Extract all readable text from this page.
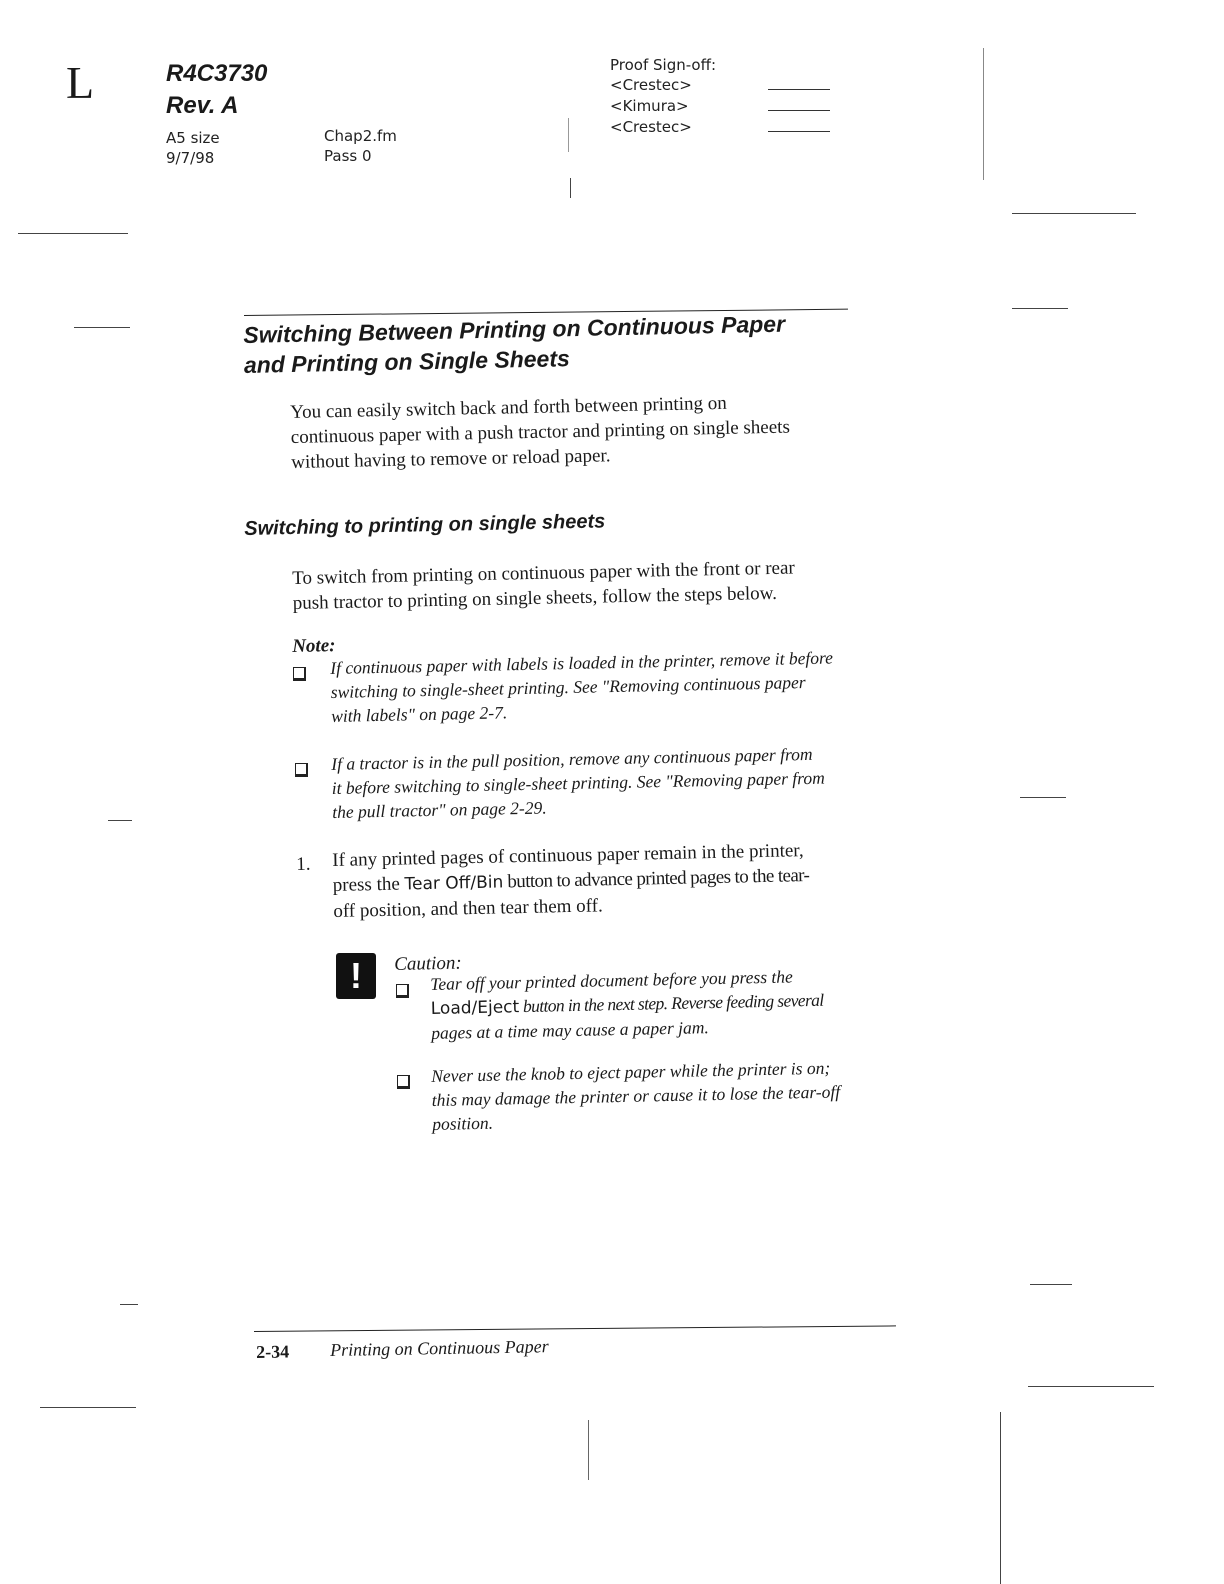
L	R4C3730
Rev. A
A5 size
9/7/98
Chap2.fm
Pass 0
Proof Sign-off:
<Crestec>
<Kimura>
<Crestec>
Switching Between Printing on Continuous Paper
and Printing on Single Sheets
You can easily switch back and forth between printing on
continuous paper with a push tractor and printing on single sheets
without having to remove or reload paper.
Switching to printing on single sheets
To switch from printing on continuous paper with the front or rear
push tractor to printing on single sheets, follow the steps below.
Note:
If continuous paper with labels is loaded in the printer, remove it before
switching to single-sheet printing. See "Removing continuous paper
with labels" on page 2-7.
If a tractor is in the pull position, remove any continuous paper from
it before switching to single-sheet printing. See "Removing paper from
the pull tractor" on page 2-29.
1. If any printed pages of continuous paper remain in the printer,
press the Tear Off/Bin button to advance printed pages to the tear-
off position, and then tear them off.
!	Caution:
Tear off your printed document before you press the
Load/Eject button in the next step. Reverse feeding several
pages at a time may cause a paper jam.
Never use the knob to eject paper while the printer is on;
this may damage the printer or cause it to lose the tear-off
position.
2-34 Printing on Continuous Paper
